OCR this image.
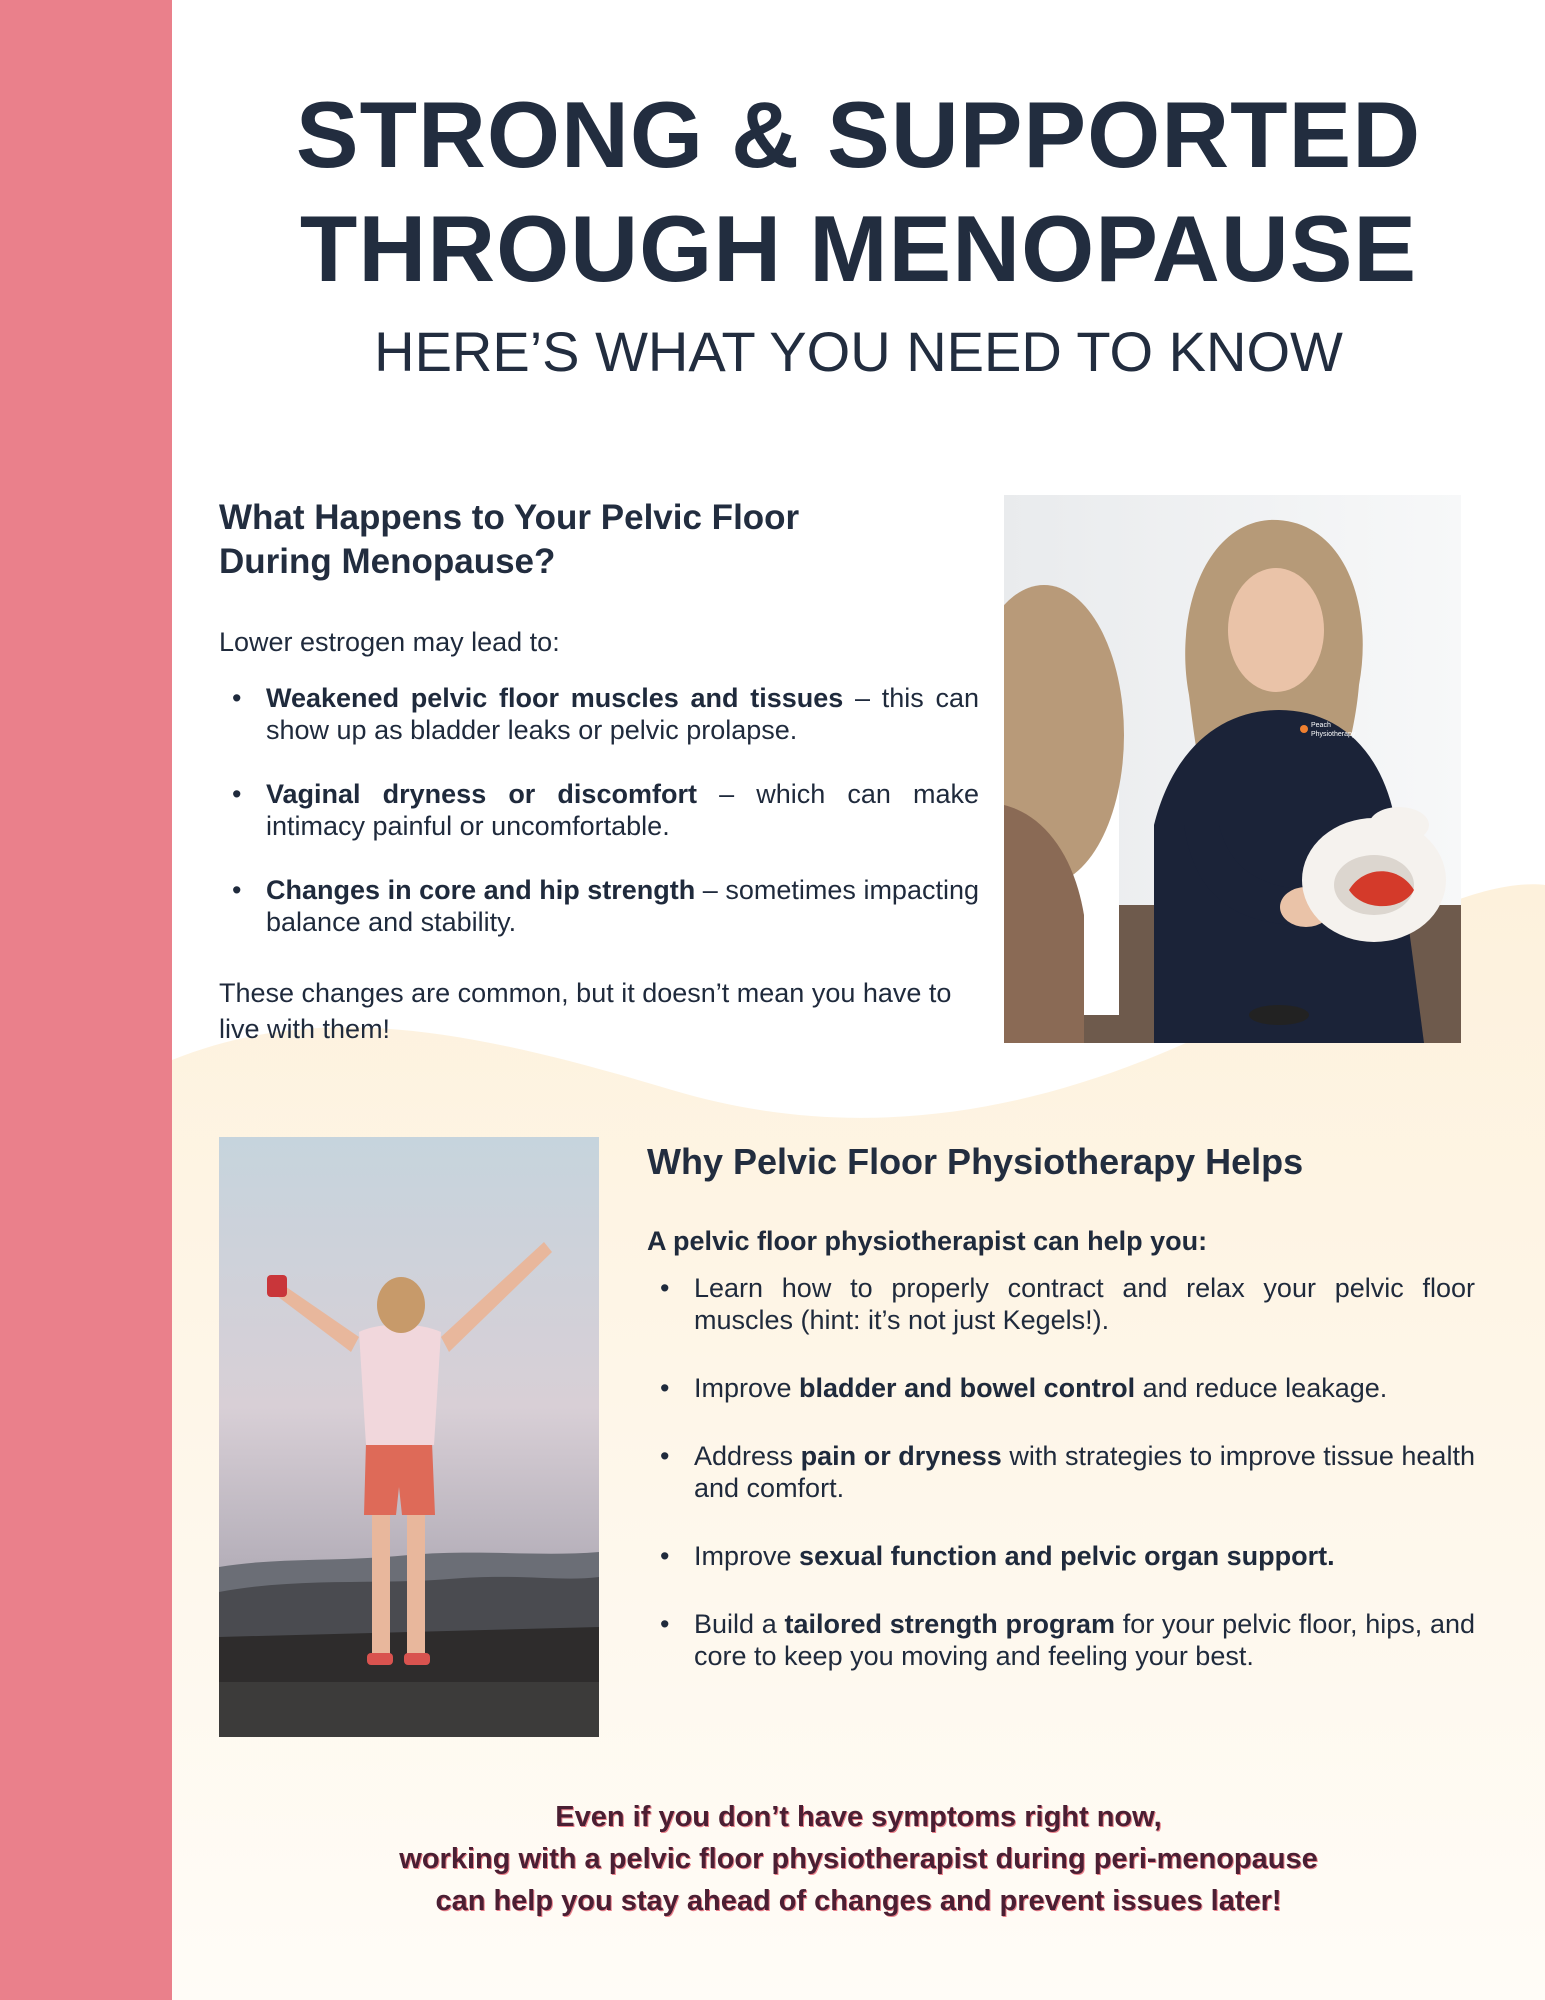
STRONG & SUPPORTED
THROUGH MENOPAUSE
HERE’S WHAT YOU NEED TO KNOW
What Happens to Your Pelvic Floor
During Menopause?
Lower estrogen may lead to:
• Weakened pelvic floor muscles and tissues – this can show up as bladder leaks or pelvic prolapse.
• Vaginal dryness or discomfort – which can make intimacy painful or uncomfortable.
• Changes in core and hip strength – sometimes impacting balance and stability.
These changes are common, but it doesn’t mean you have to live with them!
Peach
Physiotherapy
Why Pelvic Floor Physiotherapy Helps
A pelvic floor physiotherapist can help you:
• Learn how to properly contract and relax your pelvic floor muscles (hint: it’s not just Kegels!).
• Improve bladder and bowel control and reduce leakage.
• Address pain or dryness with strategies to improve tissue health and comfort.
• Improve sexual function and pelvic organ support.
• Build a tailored strength program for your pelvic floor, hips, and core to keep you moving and feeling your best.
Even if you don’t have symptoms right now,
working with a pelvic floor physiotherapist during peri-menopause
can help you stay ahead of changes and prevent issues later!
